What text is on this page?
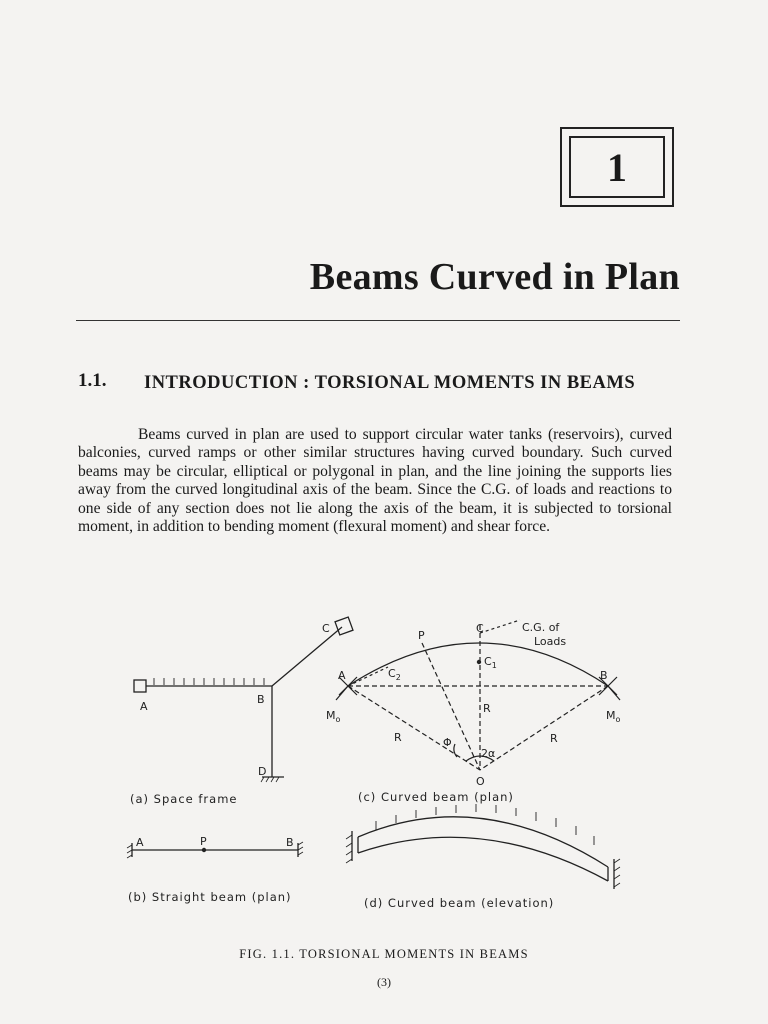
1
Beams Curved in Plan
1.1. INTRODUCTION : TORSIONAL MOMENTS IN BEAMS
Beams curved in plan are used to support circular water tanks (reservoirs), curved balconies, curved ramps or other similar structures having curved boundary. Such curved beams may be circular, elliptical or polygonal in plan, and the line joining the supports lies away from the curved longitudinal axis of the beam. Since the C.G. of loads and reactions to one side of any section does not lie along the axis of the beam, it is subjected to torsional moment, in addition to bending moment (flexural moment) and shear force.
A
B
C
D
(a) Space frame
A	P	B
(b) Straight beam (plan)
C	C.G. of
Loads
P
$C_1$
$C_2$
A	B
$M_o$	$M_o$
R
R	R
Φ
2α
O
(c) Curved beam (plan)
(d) Curved beam (elevation)
FIG. 1.1. TORSIONAL MOMENTS IN BEAMS
(3)
